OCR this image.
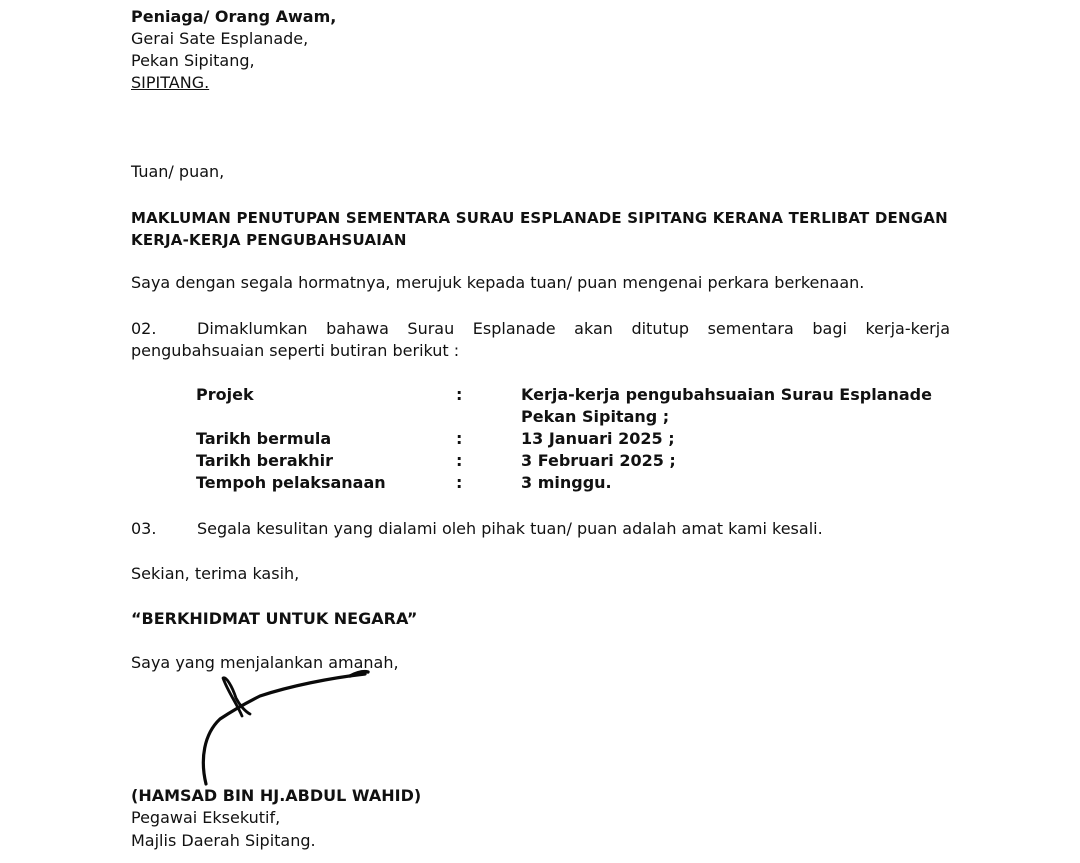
Peniaga/ Orang Awam,
Gerai Sate Esplanade,
Pekan Sipitang,
SIPITANG.
Tuan/ puan,
MAKLUMAN PENUTUPAN SEMENTARA SURAU ESPLANADE SIPITANG KERANA TERLIBAT DENGAN
KERJA-KERJA PENGUBAHSUAIAN
Saya dengan segala hormatnya, merujuk kepada tuan/ puan mengenai perkara berkenaan.
02.	Dimaklumkan bahawa Surau Esplanade akan ditutup sementara bagi kerja-kerja
pengubahsuaian seperti butiran berikut :
Projek	:	Kerja-kerja pengubahsuaian Surau Esplanade
Pekan Sipitang ;
Tarikh bermula	:	13 Januari 2025 ;
Tarikh berakhir	:	3 Februari 2025 ;
Tempoh pelaksanaan	:	3 minggu.
03.	Segala kesulitan yang dialami oleh pihak tuan/ puan adalah amat kami kesali.
Sekian, terima kasih,
“BERKHIDMAT UNTUK NEGARA”
Saya yang menjalankan amanah,
(HAMSAD BIN HJ.ABDUL WAHID)
Pegawai Eksekutif,
Majlis Daerah Sipitang.
